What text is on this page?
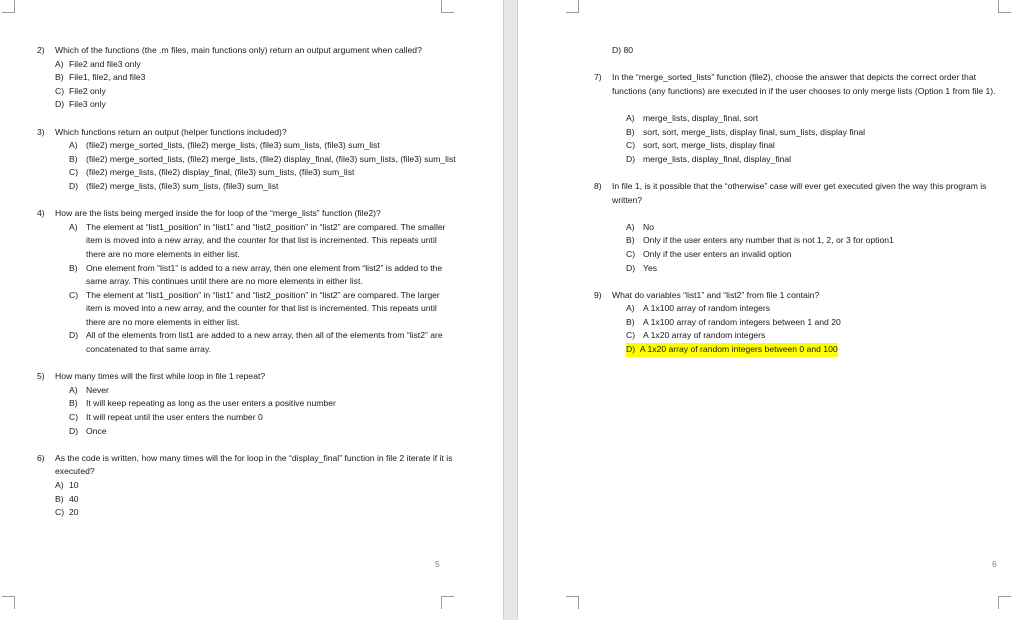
2)	Which of the functions (the .m files, main functions only) return an output argument when called?
A) File2 and file3 only
B) File1, file2, and file3
C) File2 only
D) File3 only
3)	Which functions return an output (helper functions included)?
A) (file2) merge_sorted_lists, (file2) merge_lists, (file3) sum_lists, (file3) sum_list
B) (file2) merge_sorted_lists, (file2) merge_lists, (file2) display_final, (file3) sum_lists, (file3) sum_list
C) (file2) merge_lists, (file2) display_final, (file3) sum_lists, (file3) sum_list
D) (file2) merge_lists, (file3) sum_lists, (file3) sum_list
4)	How are the lists being merged inside the for loop of the “merge_lists” function (file2)?
A) The element at “list1_position” in “list1” and “list2_position” in “list2” are compared. The smaller item is moved into a new array, and the counter for that list is incremented. This repeats until there are no more elements in either list.
B) One element from “list1” is added to a new array, then one element from “list2” is added to the same array. This continues until there are no more elements in either list.
C) The element at “list1_position” in “list1” and “list2_position” in “list2” are compared. The larger item is moved into a new array, and the counter for that list is incremented. This repeats until there are no more elements in either list.
D) All of the elements from list1 are added to a new array, then all of the elements from “list2” are concatenated to that same array.
5)	How many times will the first while loop in file 1 repeat?
A) Never
B) It will keep repeating as long as the user enters a positive number
C) It will repeat until the user enters the number 0
D) Once
6)	As the code is written, how many times will the for loop in the “display_final” function in file 2 iterate if it is executed?
A) 10
B) 40
C) 20
5
D) 80
7)	In the “merge_sorted_lists” function (file2), choose the answer that depicts the correct order that functions (any functions) are executed in if the user chooses to only merge lists (Option 1 from file 1).
A) merge_lists, display_final, sort
B) sort, sort, merge_lists, display final, sum_lists, display final
C) sort, sort, merge_lists, display final
D) merge_lists, display_final, display_final
8)	In file 1, is it possible that the “otherwise” case will ever get executed given the way this program is written?
A) No
B) Only if the user enters any number that is not 1, 2, or 3 for option1
C) Only if the user enters an invalid option
D) Yes
9)	What do variables “list1” and “list2” from file 1 contain?
A) A 1x100 array of random integers
B) A 1x100 array of random integers between 1 and 20
C) A 1x20 array of random integers
D) A 1x20 array of random integers between 0 and 100
6
